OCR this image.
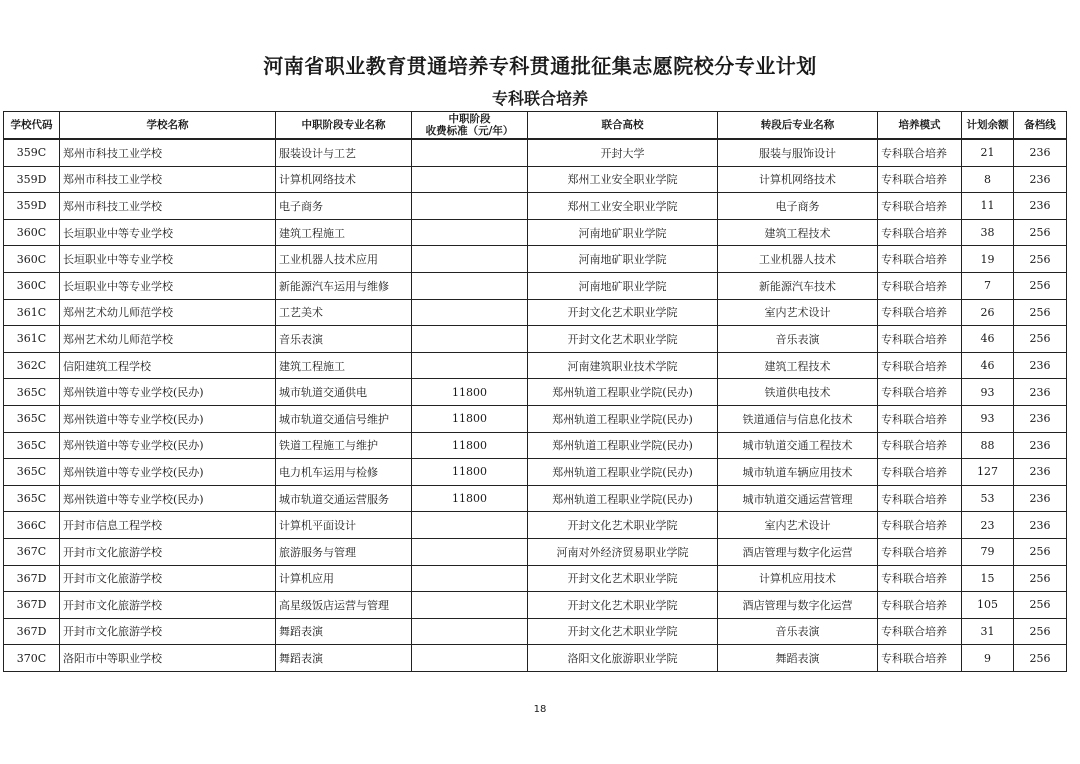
河南省职业教育贯通培养专科贯通批征集志愿院校分专业计划
专科联合培养
学校代码	学校名称	中职阶段专业名称	中职阶段
收费标准（元/年）	联合高校	转段后专业名称	培养模式	计划余额	备档线
359C	郑州市科技工业学校	服装设计与工艺		开封大学	服装与服饰设计	专科联合培养	21	236
359D	郑州市科技工业学校	计算机网络技术		郑州工业安全职业学院	计算机网络技术	专科联合培养	8	236
359D	郑州市科技工业学校	电子商务		郑州工业安全职业学院	电子商务	专科联合培养	11	236
360C	长垣职业中等专业学校	建筑工程施工		河南地矿职业学院	建筑工程技术	专科联合培养	38	256
360C	长垣职业中等专业学校	工业机器人技术应用		河南地矿职业学院	工业机器人技术	专科联合培养	19	256
360C	长垣职业中等专业学校	新能源汽车运用与维修		河南地矿职业学院	新能源汽车技术	专科联合培养	7	256
361C	郑州艺术幼儿师范学校	工艺美术		开封文化艺术职业学院	室内艺术设计	专科联合培养	26	256
361C	郑州艺术幼儿师范学校	音乐表演		开封文化艺术职业学院	音乐表演	专科联合培养	46	256
362C	信阳建筑工程学校	建筑工程施工		河南建筑职业技术学院	建筑工程技术	专科联合培养	46	236
365C	郑州铁道中等专业学校(民办)	城市轨道交通供电	11800	郑州轨道工程职业学院(民办)	铁道供电技术	专科联合培养	93	236
365C	郑州铁道中等专业学校(民办)	城市轨道交通信号维护	11800	郑州轨道工程职业学院(民办)	铁道通信与信息化技术	专科联合培养	93	236
365C	郑州铁道中等专业学校(民办)	铁道工程施工与维护	11800	郑州轨道工程职业学院(民办)	城市轨道交通工程技术	专科联合培养	88	236
365C	郑州铁道中等专业学校(民办)	电力机车运用与检修	11800	郑州轨道工程职业学院(民办)	城市轨道车辆应用技术	专科联合培养	127	236
365C	郑州铁道中等专业学校(民办)	城市轨道交通运营服务	11800	郑州轨道工程职业学院(民办)	城市轨道交通运营管理	专科联合培养	53	236
366C	开封市信息工程学校	计算机平面设计		开封文化艺术职业学院	室内艺术设计	专科联合培养	23	236
367C	开封市文化旅游学校	旅游服务与管理		河南对外经济贸易职业学院	酒店管理与数字化运营	专科联合培养	79	256
367D	开封市文化旅游学校	计算机应用		开封文化艺术职业学院	计算机应用技术	专科联合培养	15	256
367D	开封市文化旅游学校	高星级饭店运营与管理		开封文化艺术职业学院	酒店管理与数字化运营	专科联合培养	105	256
367D	开封市文化旅游学校	舞蹈表演		开封文化艺术职业学院	音乐表演	专科联合培养	31	256
370C	洛阳市中等职业学校	舞蹈表演		洛阳文化旅游职业学院	舞蹈表演	专科联合培养	9	256
18
